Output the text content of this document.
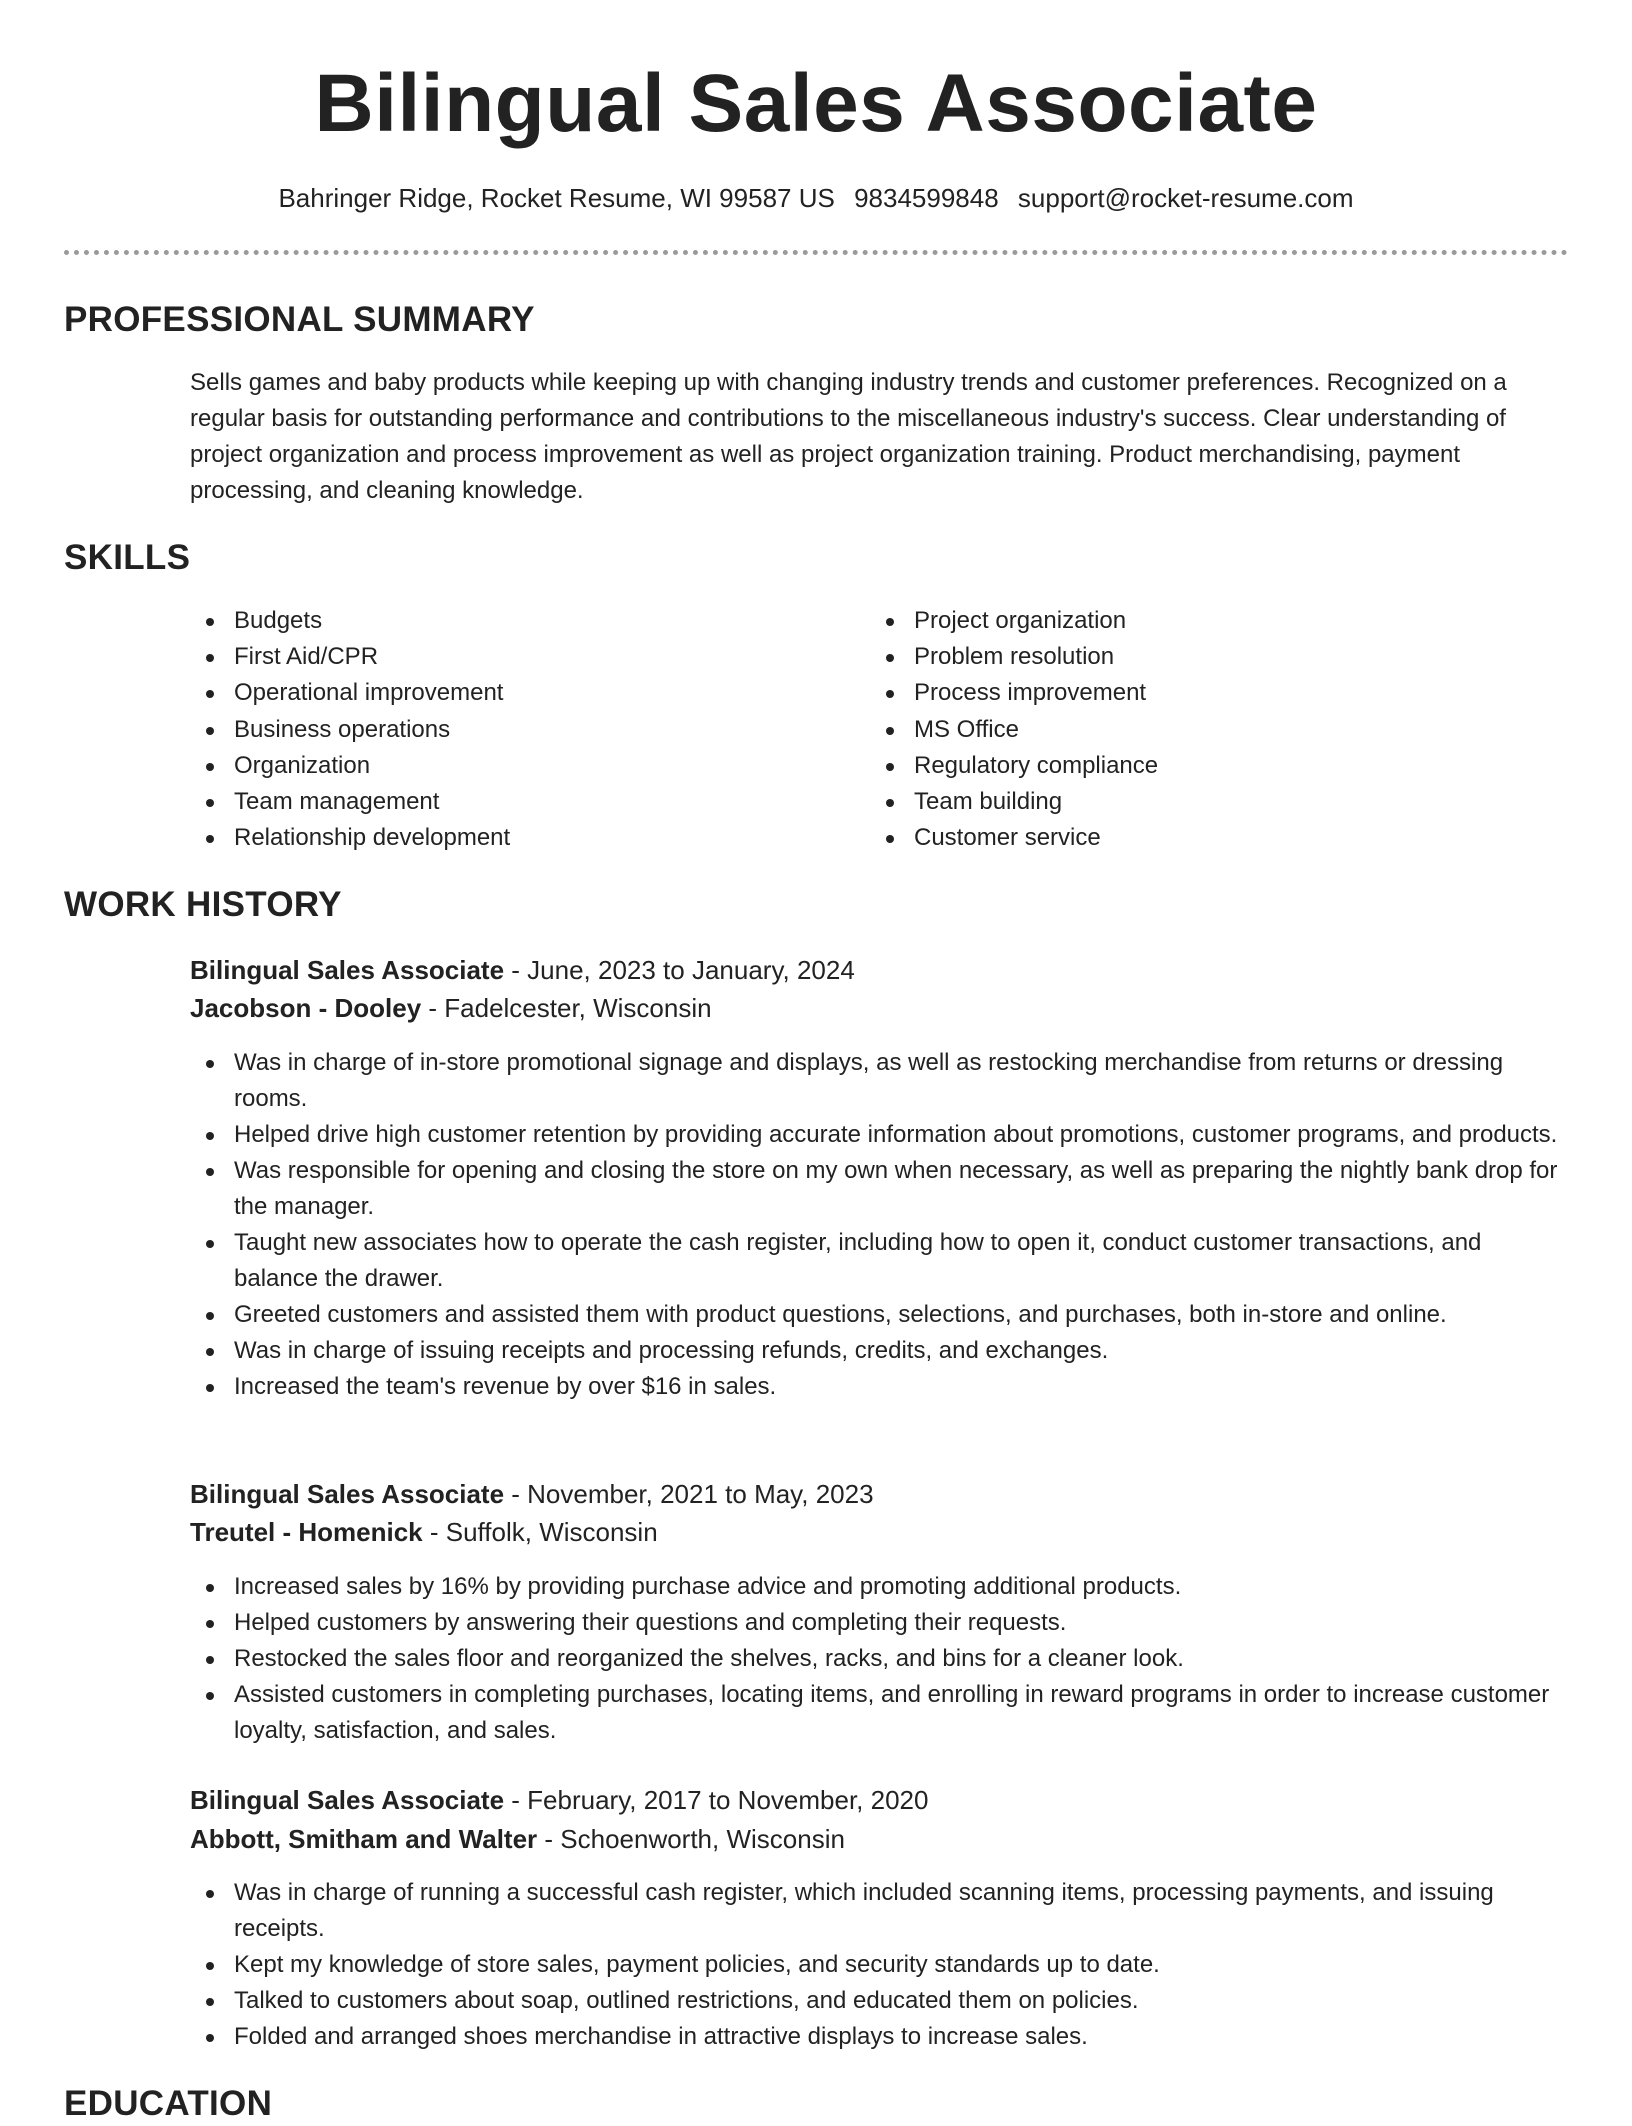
Bilingual Sales Associate
Bahringer Ridge, Rocket Resume, WI 99587 US 9834599848 support@rocket-resume.com
PROFESSIONAL SUMMARY

Sells games and baby products while keeping up with changing industry trends and customer preferences. Recognized on a regular basis for outstanding performance and contributions to the miscellaneous industry's success. Clear understanding of project organization and process improvement as well as project organization training. Product merchandising, payment processing, and cleaning knowledge.

SKILLS
Budgets
First Aid/CPR
Operational improvement
Business operations
Organization
Team management
Relationship development
Project organization
Problem resolution
Process improvement
MS Office
Regulatory compliance
Team building
Customer service
WORK HISTORY
Bilingual Sales Associate - June, 2023 to January, 2024
Jacobson - Dooley - Fadelcester, Wisconsin
Was in charge of in-store promotional signage and displays, as well as restocking merchandise from returns or dressing rooms.
Helped drive high customer retention by providing accurate information about promotions, customer programs, and products.
Was responsible for opening and closing the store on my own when necessary, as well as preparing the nightly bank drop for the manager.
Taught new associates how to operate the cash register, including how to open it, conduct customer transactions, and balance the drawer.
Greeted customers and assisted them with product questions, selections, and purchases, both in-store and online.
Was in charge of issuing receipts and processing refunds, credits, and exchanges.
Increased the team's revenue by over $16 in sales.
Bilingual Sales Associate - November, 2021 to May, 2023
Treutel - Homenick - Suffolk, Wisconsin
Increased sales by 16% by providing purchase advice and promoting additional products.
Helped customers by answering their questions and completing their requests.
Restocked the sales floor and reorganized the shelves, racks, and bins for a cleaner look.
Assisted customers in completing purchases, locating items, and enrolling in reward programs in order to increase customer loyalty, satisfaction, and sales.
Bilingual Sales Associate - February, 2017 to November, 2020
Abbott, Smitham and Walter - Schoenworth, Wisconsin
Was in charge of running a successful cash register, which included scanning items, processing payments, and issuing receipts.
Kept my knowledge of store sales, payment policies, and security standards up to date.
Talked to customers about soap, outlined restrictions, and educated them on policies.
Folded and arranged shoes merchandise in attractive displays to increase sales.
EDUCATION
